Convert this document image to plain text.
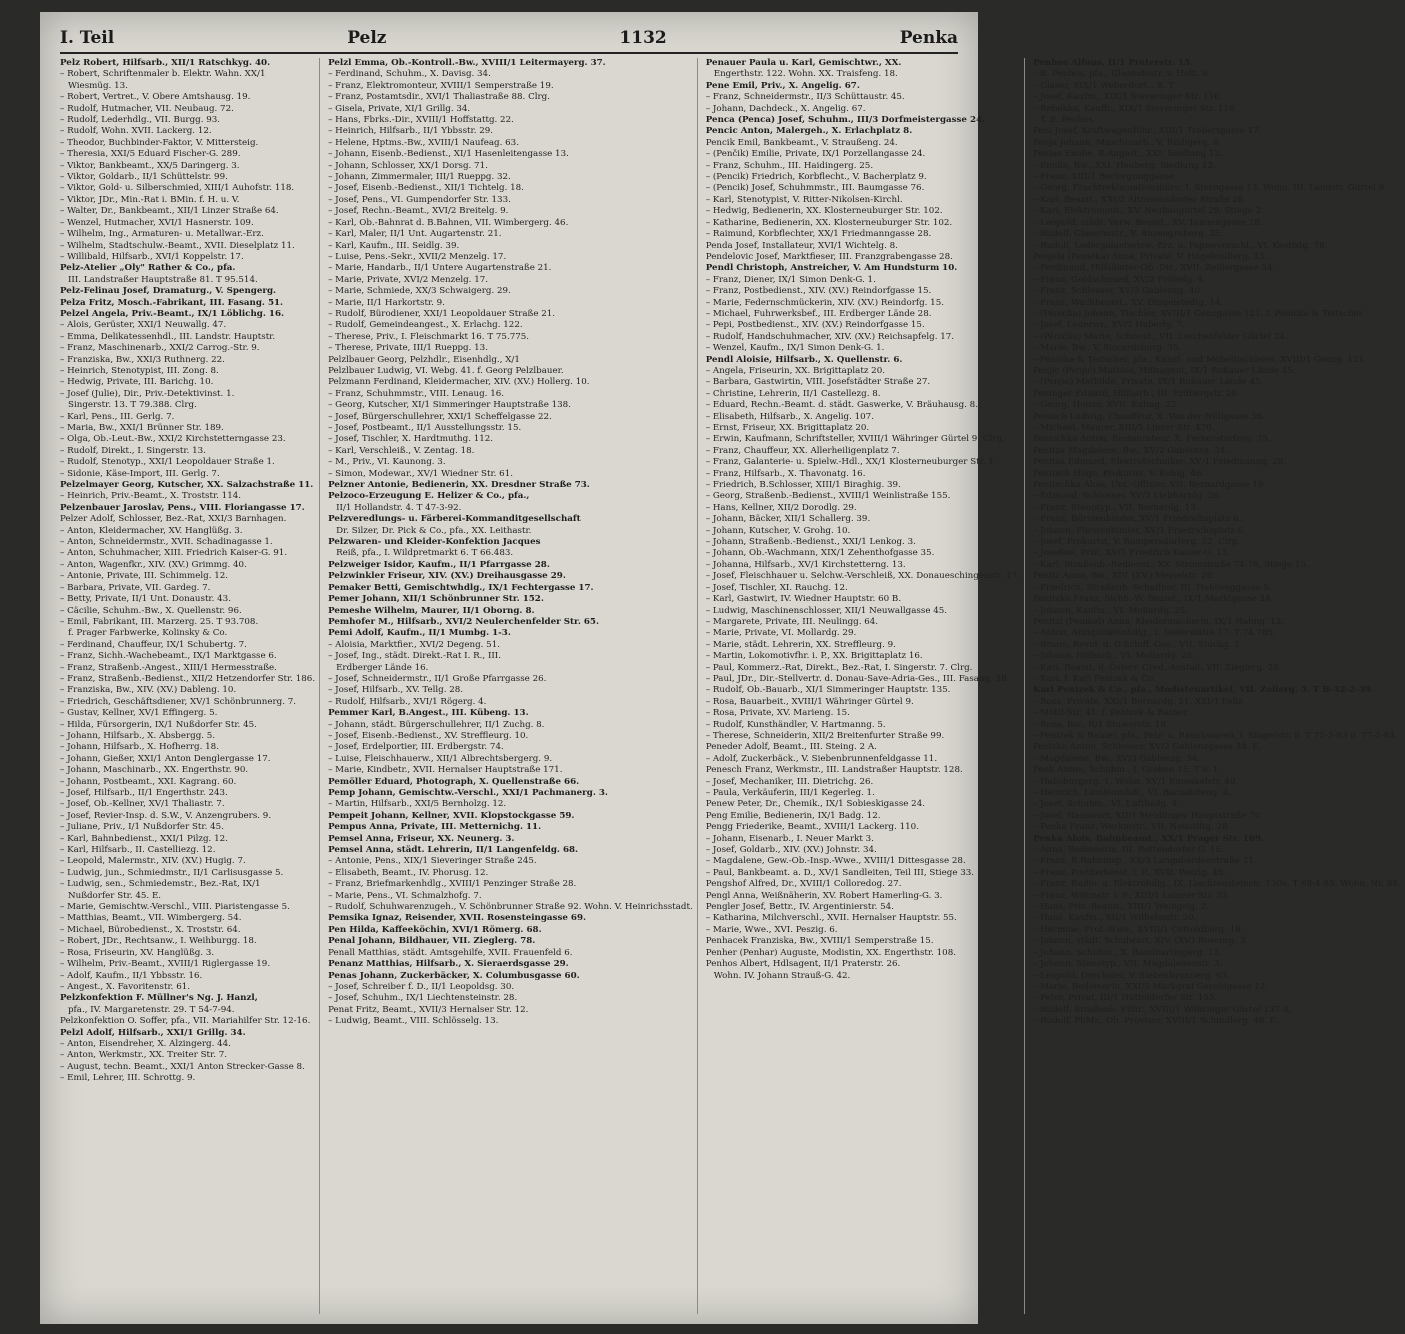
I. Teil	Pelz	1132	Penka
Pelz Robert, Hilfsarb., XII/1 Ratschkyg. 40.
– Robert, Schriftenmaler b. Elektr. Wahn. XX/1
Wiesmüg. 13.
– Robert, Vertret., V. Obere Amtshausg. 19.
– Rudolf, Hutmacher, VII. Neubaug. 72.
– Rudolf, Lederhdlg., VII. Burgg. 93.
– Rudolf, Wohn. XVII. Lackerg. 12.
– Theodor, Buchbinder-Faktor, V. Mittersteig.
– Theresia, XXI/5 Eduard Fischer-G. 289.
– Viktor, Bankbeamt., XX/5 Daringerg. 3.
– Viktor, Goldarb., II/1 Schüttelstr. 99.
– Viktor, Gold- u. Silberschmied, XIII/1 Auhofstr. 118.
– Viktor, JDr., Min.-Rat i. BMin. f. H. u. V.
– Walter, Dr., Bankbeamt., XII/1 Linzer Straße 64.
– Wenzel, Hutmacher, XVI/1 Hasnerstr. 109.
– Wilhelm, Ing., Armaturen- u. Metallwar.-Erz.
– Wilhelm, Stadtschulw.-Beamt., XVII. Dieselplatz 11.
– Willibald, Hilfsarb., XVI/1 Koppelstr. 17.
Pelz-Atelier „Oly" Rather & Co., pfa.
III. Landstraßer Hauptstraße 81. T 95.514.
Pelz-Felinau Josef, Dramaturg., V. Spengerg.
Pelza Fritz, Mosch.-Fabrikant, III. Fasang. 51.
Pelzel Angela, Priv.-Beamt., IX/1 Löblichg. 16.
– Alois, Gerüster, XXI/1 Neuwallg. 47.
– Emma, Delikatessenhdl., III. Landstr. Hauptstr.
– Franz, Maschinenarb., XXI/2 Carrog.-Str. 9.
– Franziska, Bw., XXI/3 Ruthnerg. 22.
– Heinrich, Stenotypist, III. Zong. 8.
– Hedwig, Private, III. Barichg. 10.
– Josef (Julie), Dir., Priv.-Detektivinst. 1.
Singerstr. 13. T 79.388. Clrg.
– Karl, Pens., III. Gerlg. 7.
– Maria, Bw., XXI/1 Brünner Str. 189.
– Olga, Ob.-Leut.-Bw., XXI/2 Kirchstetterngasse 23.
– Rudolf, Direkt., I. Singerstr. 13.
– Rudolf, Stenotyp., XXI/1 Leopoldauer Straße 1.
– Sidonie, Käse-Import, III. Gerlg. 7.
Pelzelmayer Georg, Kutscher, XX. Salzachstraße 11.
– Heinrich, Priv.-Beamt., X. Troststr. 114.
Pelzenbauer Jaroslav, Pens., VIII. Floriangasse 17.
Pelzer Adolf, Schlosser, Bez.-Rat, XXI/3 Barnhagen.
– Anton, Kleidermacher, XV. Hanglüßg. 3.
– Anton, Schneidermstr., XVII. Schadinagasse 1.
– Anton, Schuhmacher, XIII. Friedrich Kaiser-G. 91.
– Anton, Wagenfkr., XIV. (XV.) Grimmg. 40.
– Antonie, Private, III. Schimmelg. 12.
– Barbara, Private, VII. Gardeg. 7.
– Betty, Private, II/1 Unt. Donaustr. 43.
– Cäcilie, Schuhm.-Bw., X. Quellenstr. 96.
– Emil, Fabrikant, III. Marzerg. 25. T 93.708.
f. Prager Farbwerke, Kolinsky & Co.
– Ferdinand, Chauffeur, IX/1 Schubertg. 7.
– Franz, Sichh.-Wachebeamt., IX/1 Marktgasse 6.
– Franz, Straßenb.-Angest., XIII/1 Hermesstraße.
– Franz, Straßenb.-Bedienst., XII/2 Hetzendorfer Str. 186.
– Franziska, Bw., XIV. (XV.) Dableng. 10.
– Friedrich, Geschäftsdiener, XV/1 Schönbrunnerg. 7.
– Gustav, Kellner, XV/1 Effingerg. 5.
– Hilda, Fürsorgerin, IX/1 Nußdorfer Str. 45.
– Johann, Hilfsarb., X. Absbergg. 5.
– Johann, Hilfsarb., X. Hofherrg. 18.
– Johann, Gießer, XXI/1 Anton Denglergasse 17.
– Johann, Maschinarb., XX. Engerthstr. 90.
– Johann, Postbeamt., XXI. Kagrang. 60.
– Josef, Hilfsarb., II/1 Engerthstr. 243.
– Josef, Ob.-Kellner, XV/1 Thaliastr. 7.
– Josef, Revier-Insp. d. S.W., V. Anzengrubers. 9.
– Juliane, Priv., I/1 Nußdorfer Str. 45.
– Karl, Bahnbedienst., XXI/1 Pilzg. 12.
– Karl, Hilfsarb., II. Castelliezg. 12.
– Leopold, Malermstr., XIV. (XV.) Hugig. 7.
– Ludwig, jun., Schmiedmstr., II/1 Carlisusgasse 5.
– Ludwig, sen., Schmiedemstr., Bez.-Rat, IX/1
Nußdorfer Str. 45. E.
– Marie, Gemischtw.-Verschl., VIII. Piaristengasse 5.
– Matthias, Beamt., VII. Wimbergerg. 54.
– Michael, Bürobedienst., X. Troststr. 64.
– Robert, JDr., Rechtsanw., I. Weihburgg. 18.
– Rosa, Friseurin, XV. Hanglüßg. 3.
– Wilhelm, Priv.-Beamt., XVIII/1 Riglergasse 19.
– Adolf, Kaufm., II/1 Ybbsstr. 16.
– Angest., X. Favoritenstr. 61.
Pelzkonfektion F. Müllner's Ng. J. Hanzl,
pfa., IV. Margaretenstr. 29. T 54-7-94.
Pelzkonfektion O. Soffer, pfa., VII. Mariahilfer Str. 12-16.
Pelzl Adolf, Hilfsarb., XXI/1 Grillg. 34.
– Anton, Eisendreher, X. Alzingerg. 44.
– Anton, Werkmstr., XX. Treiter Str. 7.
– August, techn. Beamt., XXI/1 Anton Strecker-Gasse 8.
– Emil, Lehrer, III. Schrottg. 9.
Pelzl Emma, Ob.-Kontroll.-Bw., XVIII/1 Leitermayerg. 37.
– Ferdinand, Schuhm., X. Davisg. 34.
– Franz, Elektromonteur, XVIII/1 Semperstraße 19.
– Franz, Postamtsdir., XVI/1 Thaliastraße 88. Clrg.
– Gisela, Private, XI/1 Grillg. 34.
– Hans, Fbrks.-Dir., XVIII/1 Hoffstattg. 22.
– Heinrich, Hilfsarb., II/1 Ybbsstr. 29.
– Helene, Hptms.-Bw., XVIII/1 Naufeag. 63.
– Johann, Eisenb.-Bedienst., XI/1 Hasenleitengasse 13.
– Johann, Schlosser, XX/1 Dorsg. 71.
– Johann, Zimmermaler, III/1 Rueppg. 32.
– Josef, Eisenb.-Bedienst., XII/1 Tichtelg. 18.
– Josef, Pens., VI. Gumpendorfer Str. 133.
– Josef, Rechn.-Beamt., XVI/2 Breitelg. 9.
– Karl, Ob.-Bahnrat d. B.Bahnen, VII. Wimbergerg. 46.
– Karl, Maler, II/1 Unt. Augartenstr. 21.
– Karl, Kaufm., III. Seidlg. 39.
– Luise, Pens.-Sekr., XVII/2 Menzelg. 17.
– Marie, Handarb., II/1 Untere Augartenstraße 21.
– Marie, Private, XVI/2 Menzelg. 17.
– Marie, Schmiede, XX/3 Schwaigerg. 29.
– Marie, II/1 Harkortstr. 9.
– Rudolf, Bürodiener, XXI/1 Leopoldauer Straße 21.
– Rudolf, Gemeindeangest., X. Erlachg. 122.
– Therese, Priv., I. Fleischmarkt 16. T 75.775.
– Therese, Private, III/1 Rueppg. 13.
Pelzlbauer Georg, Pelzhdlr., Eisenhdlg., X/1
Pelzlbauer Ludwig, VI. Webg. 41. f. Georg Pelzlbauer.
Pelzmann Ferdinand, Kleidermacher, XIV. (XV.) Hollerg. 10.
– Franz, Schuhmmstr., VIII. Lenaug. 16.
– Georg, Kutscher, XI/1 Simmeringer Hauptstraße 138.
– Josef, Bürgerschullehrer, XXI/1 Scheffelgasse 22.
– Josef, Postbeamt., II/1 Ausstellungsstr. 15.
– Josef, Tischler, X. Hardtmuthg. 112.
– Karl, Verschleiß., V. Zentag. 18.
– M., Priv., VI. Kaunong. 3.
– Simon, Modewar., XV/1 Wiedner Str. 61.
Pelzner Antonie, Bedienerin, XX. Dresdner Straße 73.
Pelzoco-Erzeugung E. Helizer & Co., pfa.,
II/1 Hollandstr. 4. T 47-3-92.
Pelzveredlungs- u. Färberei-Kommanditgesellschaft
Dr. Silzer, Dr. Pick & Co., pfa., XX. Leithastr.
Pelzwaren- und Kleider-Konfektion Jacques
Reiß, pfa., I. Wildpretmarkt 6. T 66.483.
Pelzweiger Isidor, Kaufm., II/1 Pfarrgasse 28.
Pelzwinkler Friseur, XIV. (XV.) Dreihausgasse 29.
Pemaker Betti, Gemischtwhdlg., IX/1 Fechtergasse 17.
Pemer Johann, XII/1 Schönbrunner Str. 152.
Pemeshe Wilhelm, Maurer, II/1 Oborng. 8.
Pemhofer M., Hilfsarb., XVI/2 Neulerchenfelder Str. 65.
Pemi Adolf, Kaufm., II/1 Mumbg. 1-3.
– Aloisia, Marktfier., XVI/2 Degeng. 51.
– Josef, Ing., städt. Direkt.-Rat I. R., III.
Erdberger Lände 16.
– Josef, Schneidermstr., II/1 Große Pfarrgasse 26.
– Josef, Hilfsarb., XV. Tellg. 28.
– Rudolf, Hilfsarb., XVI/1 Rögerg. 4.
Pemmer Karl, B.Angest., III. Kübeng. 13.
– Johann, städt. Bürgerschullehrer, II/1 Zuchg. 8.
– Josef, Eisenb.-Bedienst., XV. Streffleurg. 10.
– Josef, Erdelportier, III. Erdbergstr. 74.
– Luise, Fleischhauerw., XII/1 Albrechtsbergerg. 9.
– Marie, Kindbetr., XVII. Hernalser Hauptstraße 171.
Pemöller Eduard, Photograph, X. Quellenstraße 66.
Pemp Johann, Gemischtw.-Verschl., XXI/1 Pachmanerg. 3.
– Martin, Hilfsarb., XXI/5 Bernholzg. 12.
Pempeit Johann, Kellner, XVII. Klopstockgasse 59.
Pempus Anna, Private, III. Metternichg. 11.
Pemsel Anna, Friseur, XX. Neunerg. 3.
Pemsel Anna, städt. Lehrerin, II/1 Langenfeldg. 68.
– Antonie, Pens., XIX/1 Sieveringer Straße 245.
– Elisabeth, Beamt., IV. Phorusg. 12.
– Franz, Briefmarkenhdlg., XVIII/1 Penzinger Straße 28.
– Marie, Pens., VI. Schmalzhofg. 7.
– Rudolf, Schuhwarenzugeh., V. Schönbrunner Straße 92. Wohn. V. Heinrichsstadt.
Pemsika Ignaz, Reisender, XVII. Rosensteingasse 69.
Pen Hilda, Kaffeeköchin, XVI/1 Römerg. 68.
Penal Johann, Bildhauer, VII. Zieglerg. 78.
Penall Matthias, städt. Amtsgehilfe, XVII. Frauenfeld 6.
Penanz Matthias, Hilfsarb., X. Sieraerdsgasse 29.
Penas Johann, Zuckerbäcker, X. Columbusgasse 60.
– Josef, Schreiber f. D., II/1 Leopoldsg. 30.
– Josef, Schuhm., IX/1 Liechtensteinstr. 28.
Penat Fritz, Beamt., XVII/3 Hernalser Str. 12.
– Ludwig, Beamt., VIII. Schlösselg. 13.
Penauer Paula u. Karl, Gemischtwr., XX.
Engerthstr. 122. Wohn. XX. Traisfeng. 18.
Pene Emil, Priv., X. Angelig. 67.
– Franz, Schneidermstr., II/3 Schüttaustr. 45.
– Johann, Dachdeck., X. Angelig. 67.
Penca (Penca) Josef, Schuhm., III/3 Dorfmeistergasse 24.
Pencic Anton, Malergeh., X. Erlachplatz 8.
Pencik Emil, Bankbeamt., V. Straußeng. 24.
– (Penčik) Emilie, Private, IX/1 Porzellangasse 24.
– Franz, Schuhm., III. Haidingerg. 25.
– (Pencik) Friedrich, Korbflecht., V. Bacherplatz 9.
– (Pencik) Josef, Schuhmmstr., III. Baumgasse 76.
– Karl, Stenotypist, V. Ritter-Nikolsen-Kirchl.
– Hedwig, Bedienerin, XX. Klosterneuburger Str. 102.
– Katharine, Bedienerin, XX. Klosterneuburger Str. 102.
– Raimund, Korbflechter, XX/1 Friedmanngasse 28.
Penda Josef, Installateur, XVI/1 Wichtelg. 8.
Pendelovic Josef, Marktfieser, III. Franzgrabengasse 28.
Pendl Christoph, Anstreicher, V. Am Hundsturm 10.
– Franz, Diener, IX/1 Simon Denk-G. 1.
– Franz, Postbedienst., XIV. (XV.) Reindorfgasse 15.
– Marie, Federnschmückerin, XIV. (XV.) Reindorfg. 15.
– Michael, Fuhrwerksbef., III. Erdberger Lände 28.
– Pepi, Postbedienst., XIV. (XV.) Reindorfgasse 15.
– Rudolf, Handschuhmacher, XIV. (XV.) Reichsapfelg. 17.
– Wenzel, Kaufm., IX/1 Simon Denk-G. 1.
Pendl Aloisie, Hilfsarb., X. Quellenstr. 6.
– Angela, Friseurin, XX. Brigittaplatz 20.
– Barbara, Gastwirtin, VIII. Josefstädter Straße 27.
– Christine, Lehrerin, II/1 Castellezg. 8.
– Eduard, Rechn.-Beamt. d. städt. Gaswerke, V. Bräuhausg. 8.
– Elisabeth, Hilfsarb., X. Angelig. 107.
– Ernst, Friseur, XX. Brigittaplatz 20.
– Erwin, Kaufmann, Schriftsteller, XVIII/1 Währinger Gürtel 9. Clrg.
– Franz, Chauffeur, XX. Allerheiligenplatz 7.
– Franz, Galanterie- u. Spielw.-Hdl., XX/1 Klosterneuburger Str. 1.
– Franz, Hilfsarb., X. Thavonatg. 16.
– Friedrich, B.Schlosser, XIII/1 Biraghig. 39.
– Georg, Straßenb.-Bedienst., XVIII/1 Weinlistraße 155.
– Hans, Kellner, XII/2 Dorodlg. 29.
– Johann, Bäcker, XII/1 Schallerg. 39.
– Johann, Kutscher, V. Grohg. 10.
– Johann, Straßenb.-Bedienst., XXI/1 Lenkog. 3.
– Johann, Ob.-Wachmann, XIX/1 Zehenthofgasse 35.
– Johanna, Hilfsarb., XV/1 Kirchstetterng. 13.
– Josef, Fleischhauer u. Selchw.-Verschleiß, XX. Donaueschingenstr. 17.
– Josef, Tischler, XI. Rauchg. 12.
– Karl, Gastwirt, IV. Wiedner Hauptstr. 60 B.
– Ludwig, Maschinenschlosser, XII/1 Neuwallgasse 45.
– Margarete, Private, III. Neulingg. 64.
– Marie, Private, VI. Mollardg. 29.
– Marie, städt. Lehrerin, XX. Streffleurg. 9.
– Martin, Lokomotivfhr. i. P., XX. Brigittaplatz 16.
– Paul, Kommerz.-Rat, Direkt., Bez.-Rat, I. Singerstr. 7. Clrg.
– Paul, JDr., Dir.-Stellvertr. d. Donau-Save-Adria-Ges., III. Fasang. 38.
– Rudolf, Ob.-Bauarb., XI/1 Simmeringer Hauptstr. 135.
– Rosa, Bauarbeit., XVIII/1 Währinger Gürtel 9.
– Rosa, Private, XV. Marieng. 15.
– Rudolf, Kunsthändler, V. Hartmanng. 5.
– Therese, Schneiderin, XII/2 Breitenfurter Straße 99.
Peneder Adolf, Beamt., III. Steing. 2 A.
– Adolf, Zuckerbäck., V. Siebenbrunnenfeldgasse 11.
Penesch Franz, Werkmstr., III. Landstraßer Hauptstr. 128.
– Josef, Mechaniker, III. Dietrichg. 26.
– Paula, Verkäuferin, III/1 Kegerleg. 1.
Penew Peter, Dr., Chemik., IX/1 Sobieskigasse 24.
Peng Emilie, Bedienerin, IX/1 Badg. 12.
Pengg Friederike, Beamt., XVIII/1 Lackerg. 110.
– Johann, Eisenarb., I. Neuer Markt 3.
– Josef, Goldarb., XIV. (XV.) Johnstr. 34.
– Magdalene, Gew.-Ob.-Insp.-Wwe., XVIII/1 Dittesgasse 28.
– Paul, Bankbeamt. a. D., XV/1 Sandleiten, Teil III, Stiege 33.
Pengshof Alfred, Dr., XVIII/1 Colloredog. 27.
Pengl Anna, Weißnäherin, XV. Robert Hamerling-G. 3.
Pengler Josef, Bettr., IV. Argentinierstr. 54.
– Katharina, Milchverschl., XVII. Hernalser Hauptstr. 55.
– Marie, Wwe., XVI. Peszig. 6.
Penhacek Franziska, Bw., XVIII/1 Semperstraße 15.
Penher (Penhar) Auguste, Modistin, XX. Engerthstr. 108.
Penhos Albert, Hdlsagent, II/1 Praterstr. 26.
Wohn. IV. Johann Strauß-G. 42.
Penhos Alfons, II/1 Praterstr. 15.
– B. Penhos, pfa., Glasindustr. v. Holz. u.
– Glaser, XIX/1 Weberdorf... 8. T
– Josef, Kaufm., XIX/1 Sieveringer Str. 116.
– Rebekka, Kauffr., XIX/1 Sieveringer Str. 116.
f. B. Penhos.
Peni Josef, Kraftwagenführ., XIII/1 Trabertgasse 17.
Penja Johann, Maschinarb., V. Rüdigerg. 6.
Penias Emilie, B.Angest., XXI. Siedlung 12.
– Emilie, Bw., XXI. Heuberg. Siedlung 12.
– Franz, XIII/1 Berlorgunggasse.
– Georg, Frachtreklamationsbüro, I. Sterngasse 13. Wohn. III. Landstr. Gürtel 9.
– Karl, Beamt., XXI/2 Altmannsdorfer Straße 28.
– Karl, Elektromont., XV. Neubaugürtel 29, Stiege 2.
– Leopold, städt. Verw.-Beamt., XV. Tannengasse 28.
– Rudolf, Glasermstr., V. Anzengruberg. 25.
– Rudolf, Ledergalanteriew.-Erz. u. Papierverschl., VI. Kestlstg. 78.
Penjela (Penieka) Anna, Private, V. Högelmüllerg. 13.
– Ferdinand, Hilfsämter-Ob.-Dir., XVII. Zeillergasse 54.
– Franz, Goldschmied, XV/2 Fröbelg. 4.
– Franz, Schlosser, XV/2 Gablenzg. 40.
– Franz, Wachbeamt., XV. Dingelstedtg. 14.
– (Pénicka) Johann, Tischler, XVIII/1 Genzgasse 121. f. Pénička & Teitscher.
– Josef, Lederwr., XV/2 Haberlg. 7.
– (Pénička) Marie, Schneid., VII. Lerchenfelder Gürtel 24.
– Marie, Bw., V. Siccardsburg. 35.
– Pénička & Teitscher, pfa., Kunst- und Möbeltischlerei, XVIII/1 Genzg. 121.
Penjic (Penjić) Mathias, Hdlsagent, IX/1 Roßauer Lände 45.
– (Penjic) Mathilde, Private, IX/1 Roßauer Lände 45.
Peninger Eduard, Hilfsarb., III. Erdbergstr. 28.
– Georg, Heizer, XVII. Kulmg. 22.
Penisch Ludwig, Chauffeur, X. Van der Nüllgasse 56.
– Michael, Maurer, XIII/5 Linzer Str. 470.
Penischka Anton, Restaurateur, X. Pernerstorferg. 75.
Penitza Magdalene, Bw., XV/2 Gablenzg. 34.
Penitsa Edmund, Elektrotechniker, XV/1 Friedmanng. 28.
Penitsch Hugo, Prokurist, V. Kohlg. 46.
Penitschka Alois, Unt.-Offizier, VII. Bernardgasse 19.
– Edmund, Schlosser, XV/2 Liebhartdg. 20.
– Franz, Stenotyp., VII. Bernardg. 13.
– Franz, Bürstenbinder, XV/1 Friedrichsplatz 6.
– Johann, Fürstenbinder, XV/1 Friedrichsplatz 6.
– Josef, Prokurist, V. Rampersdorferg. 52. Clrg.
– Josefine, Priv., XV/1 Friedrich Kaiser-G. 13.
– Karl, Straßenb.-Bedienst., XX. Stromstraße 74-76, Stiege 15.
Penitz Anna, Bw., XIV. (XV.) Meiselstr. 28.
– Friedrich, Straßenb.-Schaffner, III. Hohlweggasse 5.
Penitzka Franz, Sichh.-W.-Beamt., IX/1 Marktgasse 24.
– Johann, Kaufm., VI. Mollardg. 25.
Penitzl (Penikel) Anna, Kleidermacherin, IX/1 Hahng. 12.
– Anton, Antiquitätenhdlg., I. Seilerstätte 17. T 74.785.
– Bruno, Revid. d. D.Schiff.-Ges., VII. Stuckg. 2.
– Johann, Hilfsarb., VI. Mollardg. 25.
– Karl, Beamt. d. Österr. Cred.-Anstalt, VII. Zieglerg. 25.
– Karl, f. Karl Penizek & Co.
Karl Penizek & Co., pfa., Modistenartikel, VII. Zollerg. 5. T B-32-2-39.
– Rosa, Private, XXI/1 Bernardg. 21. XXI/1 Feliz
– Mottl-Str. 41. f. Penizek & Rainer.
– Rosa, Bw., II/1 Stuwerstr. 18.
– Penizek & Rainer, pfa., Pelz- u. Rauchwaren, I. Singerstr. 8. T 72-2-83 u. 77-2-84.
Penizko Anton, Schlosser, XV/2 Gablenzgasse 34. E.
– Magdalene, Bw., XV/3 Gablenzg. 34.
Penk Anton, Schuhm., I. Graben 15. T u. I.
– Habsburgerg. 1. Wohn. XV/1 Emenkelstr. 40.
– Heinrich, Linoleumhdl., VI. Barnabiteng. 4.
– Josef, Schuhm., VI. Luftbadg. 4.
– Josef, Hauswart, XII/1 Meidlinger Hauptstraße 70.
– Penka Franz, Werkmstr., VII. Neustiftg. 28.
Penka Alois, Bahnbeamt., XX/1 Prager Str. 169.
– Anna, Bedienerin, III. Rottendorfer G. 15.
– Franz, B.Bahninsp., XX/3 Langobardenstraße 21.
– Franz, Postbedienst. i. P., XVII. Pezzlg. 45.
– Franz, Radio- u. Elektrohdlg., IX. Liechtensteinstr. 130a. T 68-4-85. Wohn. Nr. 84.
– Franz, Wiltmstr. i. P., XIII/1 Lainzer Str. 33.
– Hans, Priv.-Beamt., XIII/1 Weingrig. 2.
– Hans, Kaufm., XII/1 Wilhelmstr. 20.
– Hermine, Prof.-Wwe., XVIII/1 Cottoldberg. 18.
– Johann, städt. Schulwart, XIV. (XV.) Rosenrg. 3.
– Johann, Schuhm., X. Randhartingerg. 13.
– Johann, Stenotyp., VII. Magdalenenstr. 3.
– Leopold, Drechsler, V. Siebenbrunnerg. 63.
– Marie, Bedienerin, XXI/5 Markgraf Geroldgasse 12.
– Peter, Privat, III/1 Hütteldorfer Str. 155.
– Rudolf, Straßenb.-Führ., XVIII/1 Währinger Gürtel 137 A.
– Rudolf, PhMr., Ob.-Provisor, XVIII/1 Schindlerg. 48. E.
